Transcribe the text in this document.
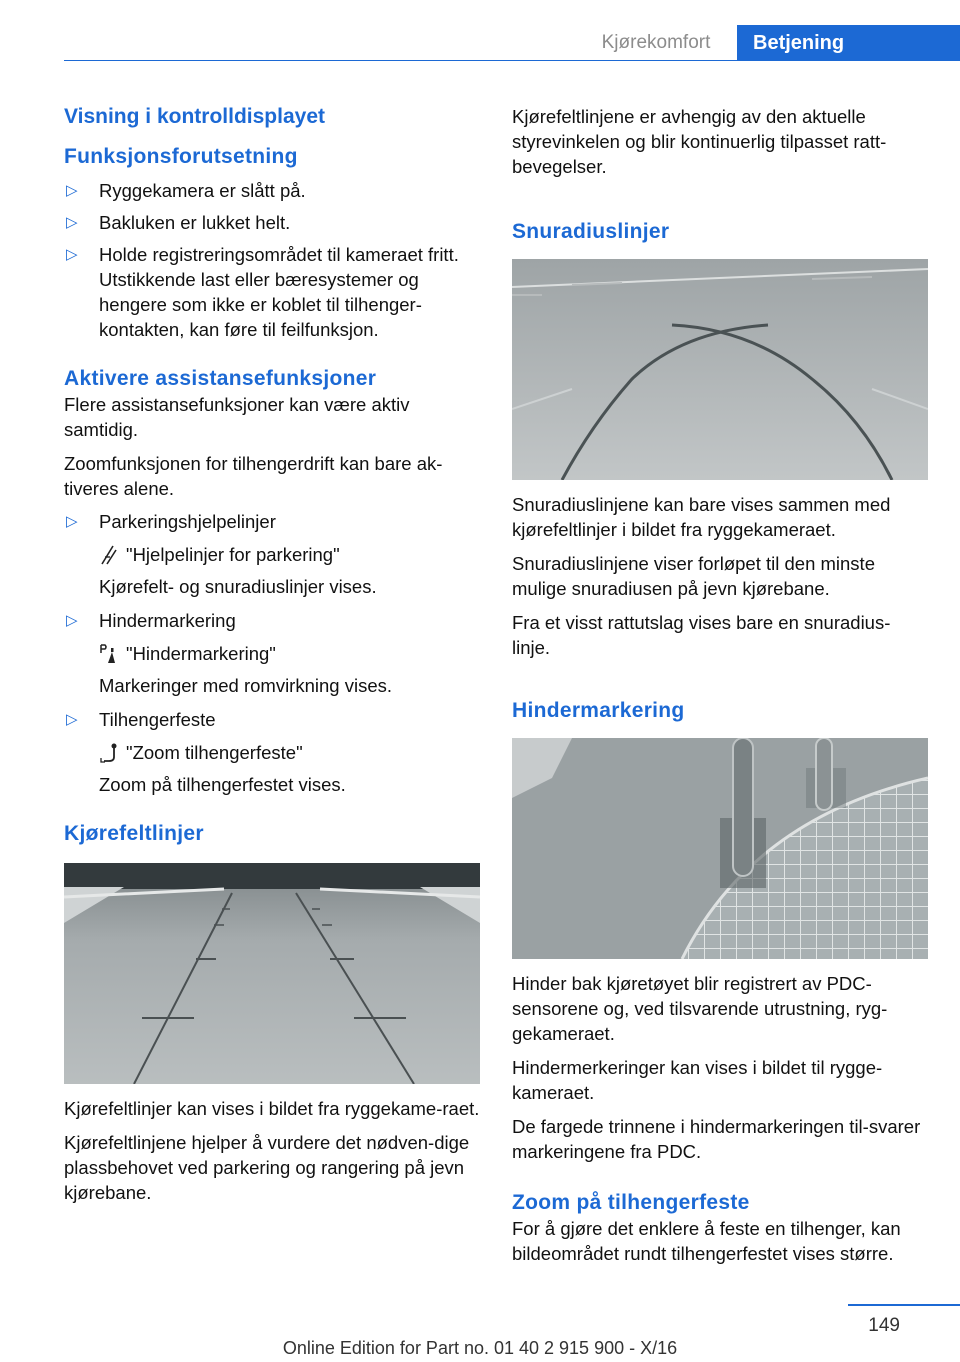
Kjørekomfort	Betjening
Visning i kontrolldisplayet
Funksjonsforutsetning
▷ Ryggekamera er slått på.
▷ Bakluken er lukket helt.
▷ Holde registreringsområdet til kameraet fritt. Utstikkende last eller bæresystemer og hengere som ikke er koblet til tilhenger-kontakten, kan føre til feilfunksjon.
Aktivere assistansefunksjoner

Flere assistansefunksjoner kan være aktiv samtidig.

Zoomfunksjonen for tilhengerdrift kan bare ak-tiveres alene.

▷ Parkeringshjelpelinjer
"Hjelpelinjer for parkering"
Kjørefelt- og snuradiuslinjer vises.
▷ Hindermarkering
"Hindermarkering"
Markeringer med romvirkning vises.
▷ Tilhengerfeste
"Zoom tilhengerfeste"
Zoom på tilhengerfestet vises.
Kjørefeltlinjer

Kjørefeltlinjer kan vises i bildet fra ryggekame-raet.

Kjørefeltlinjene hjelper å vurdere det nødven-dige plassbehovet ved parkering og rangering på jevn kjørebane.

Kjørefeltlinjene er avhengig av den aktuelle styrevinkelen og blir kontinuerlig tilpasset ratt-bevegelser.

Snuradiuslinjer

Snuradiuslinjene kan bare vises sammen med kjørefeltlinjer i bildet fra ryggekameraet.

Snuradiuslinjene viser forløpet til den minste mulige snuradiusen på jevn kjørebane.

Fra et visst rattutslag vises bare en snuradius-linje.

Hindermarkering

Hinder bak kjøretøyet blir registrert av PDC-sensorene og, ved tilsvarende utrustning, ryg-gekameraet.

Hindermerkeringer kan vises i bildet til rygge-kameraet.

De fargede trinnene i hindermarkeringen til-svarer markeringene fra PDC.

Zoom på tilhengerfeste

For å gjøre det enklere å feste en tilhenger, kan bildeområdet rundt tilhengerfestet vises større.

149
Online Edition for Part no. 01 40 2 915 900 - X/16
